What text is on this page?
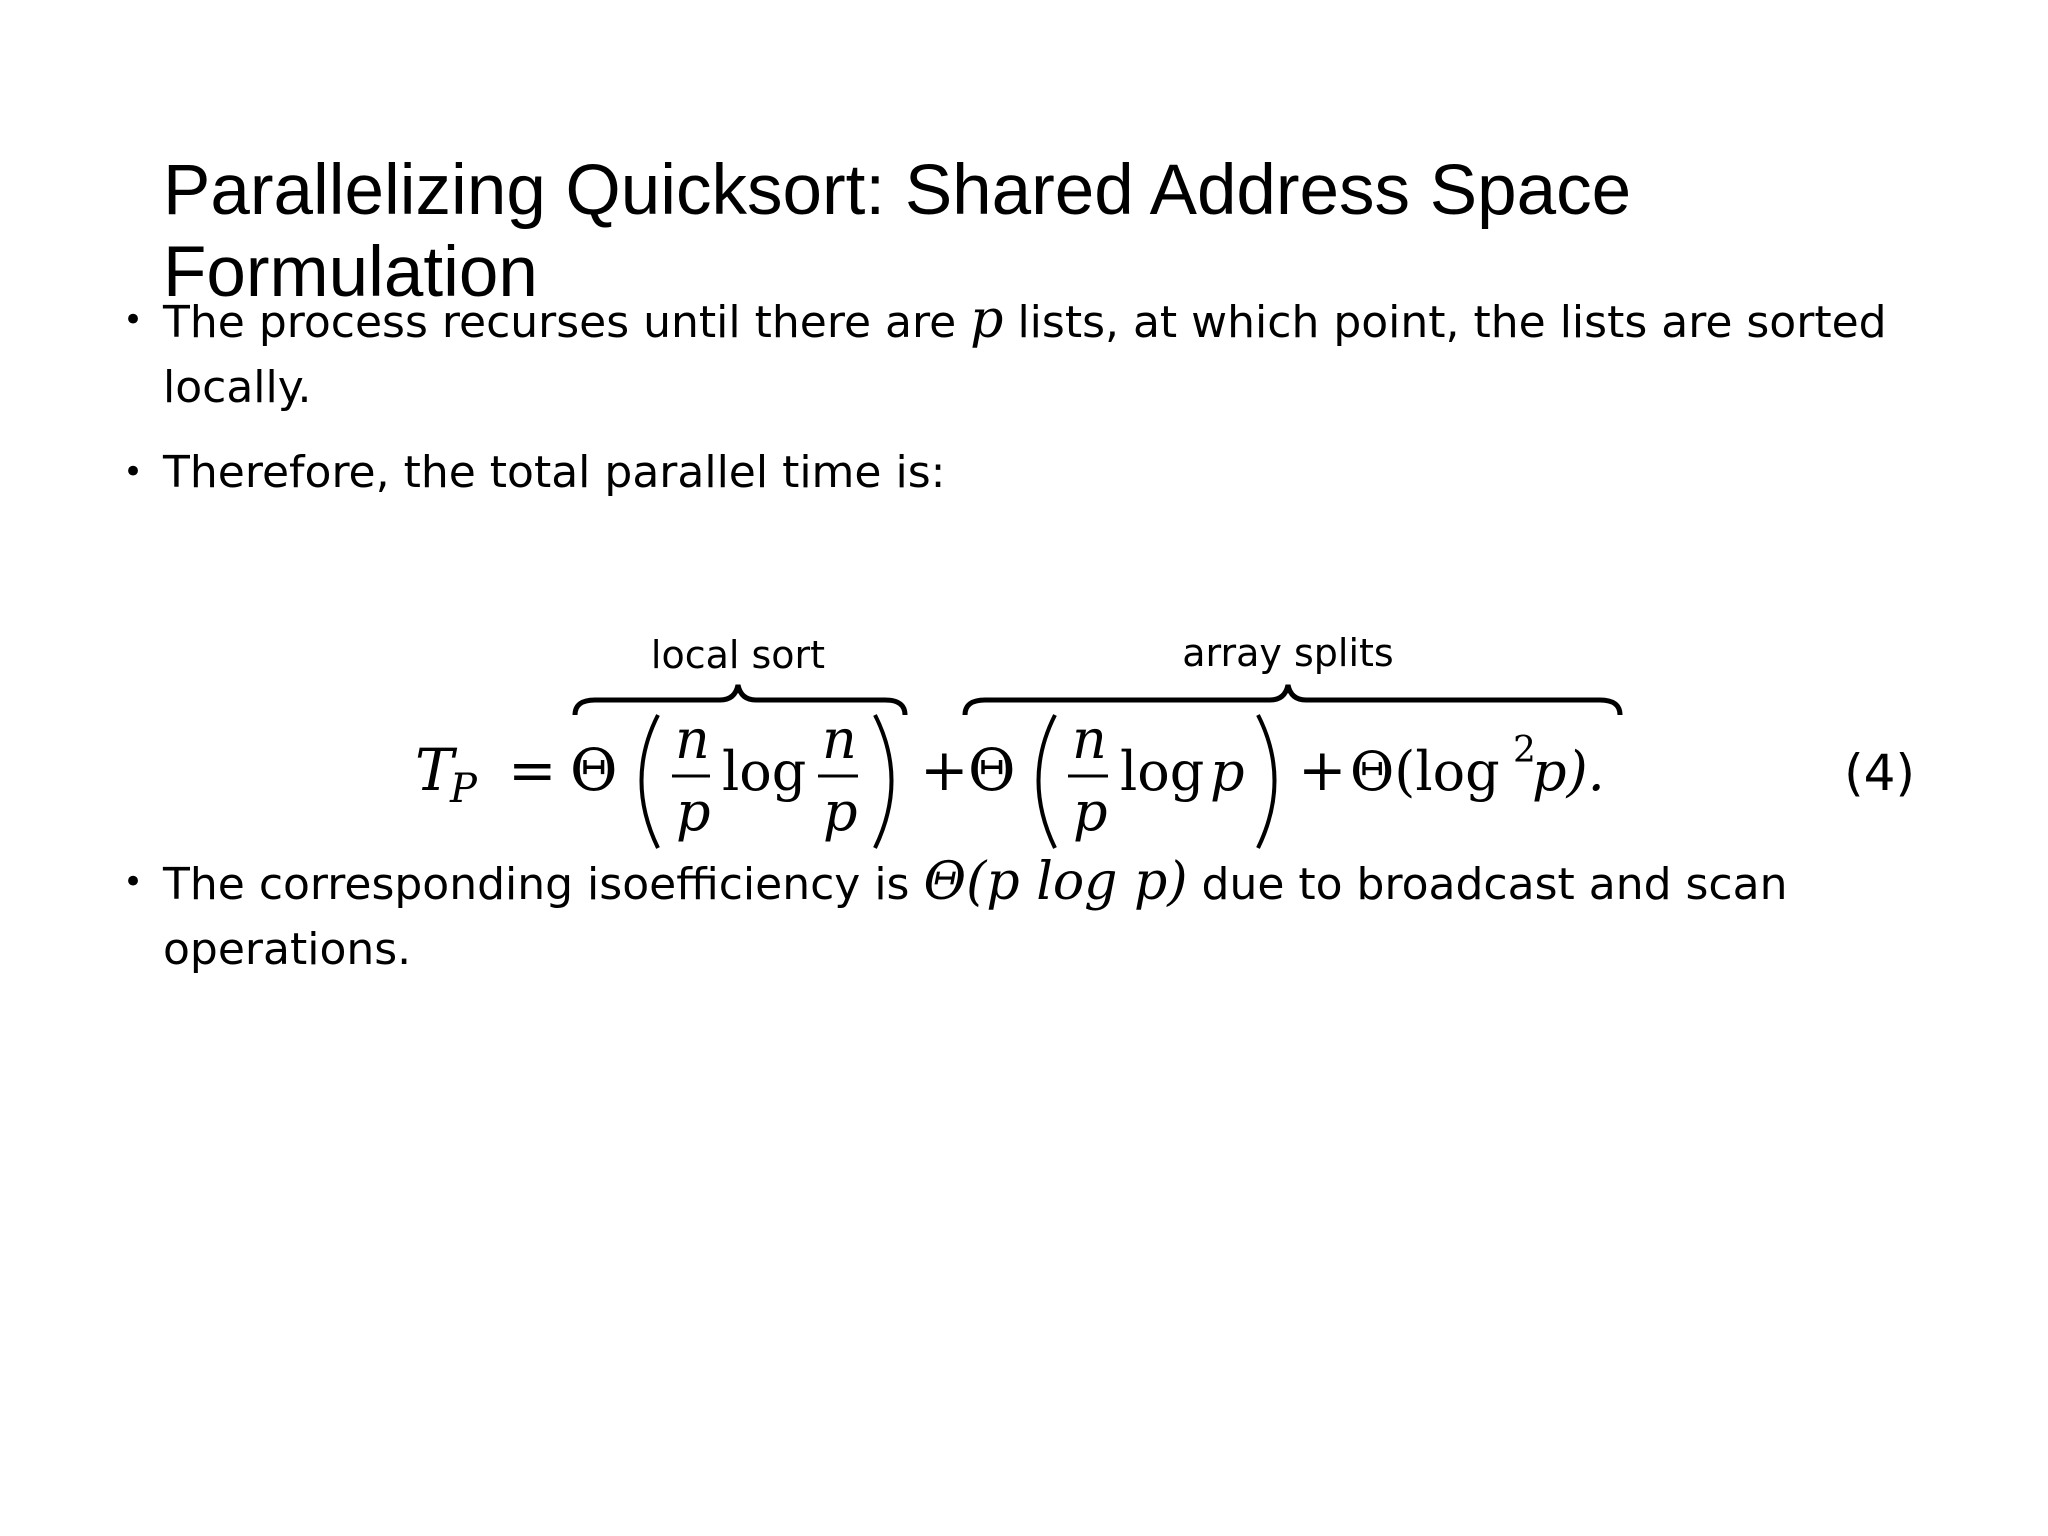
Parallelizing Quicksort: Shared Address Space Formulation
• The process recurses until there are p lists, at which point, the lists are sorted locally.
• Therefore, the total parallel time is:
local sort	array splits
T
P = Θ n
p
log
n
p
+ Θ n
p
log p + Θ(log 2
p).	(4)
• The corresponding isoefficiency is Θ(p log p) due to broadcast and scan operations.
